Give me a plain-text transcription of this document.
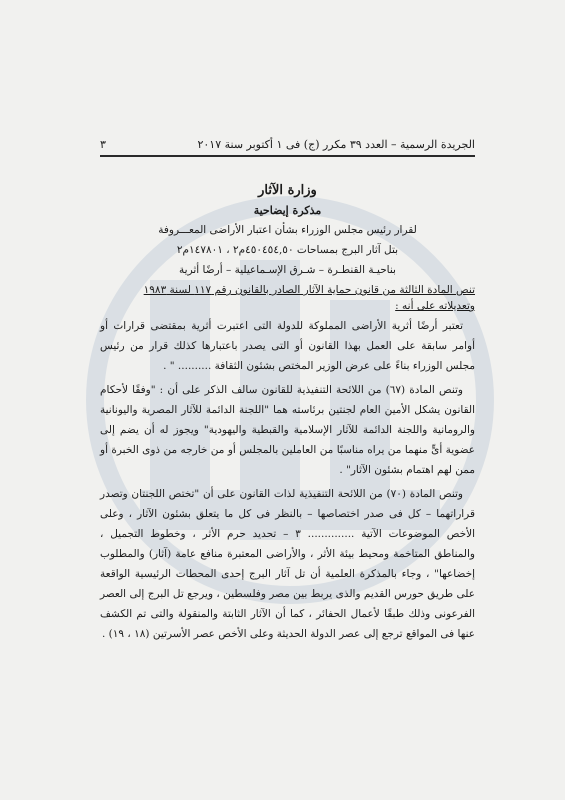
الجريدة الرسمية – العدد ٣٩ مكرر (ج) فى ١ أكتوبر سنة ٢٠١٧
٣
وزارة الآثار
مذكرة إيضاحية
لقرار رئيس مجلس الوزراء بشأن اعتبار الأراضى المعـــروفة
بتل آثار البرج بمساحات ٤٥٠٤٥٤,٥٠م٢ ، ١٤٧٨٠١م٢
بناحيـة القنطـرة – شـرق الإسـماعيلية – أرضًا أثرية
تنص المادة الثالثة من قانون حماية الآثار الصادر بالقانون رقم ١١٧ لسنة ١٩٨٣
وتعديلاته على أنه :

تعتبر أرضًا أثرية الأراضى المملوكة للدولة التى اعتبرت أثرية بمقتضى قرارات أو أوامر سابقة على العمل بهذا القانون أو التى يصدر باعتبارها كذلك قرار من رئيس مجلس الوزراء بناءً على عرض الوزير المختص بشئون الثقافة .......... " .

وتنص المادة (٦٧) من اللائحة التنفيذية للقانون سالف الذكر على أن : "وفقًا لأحكام القانون يشكل الأمين العام لجنتين برئاسته هما "اللجنة الدائمة للآثار المصرية واليونانية والرومانية واللجنة الدائمة للآثار الإسلامية والقبطية واليهودية" ويجوز له أن يضم إلى عضوية أىٍّ منهما من يراه مناسبًا من العاملين بالمجلس أو من خارجه من ذوى الخبرة أو ممن لهم اهتمام بشئون الآثار" .

وتنص المادة (٧٠) من اللائحة التنفيذية لذات القانون على أن "تختص اللجنتان وتصدر قراراتهما – كل فى صدر اختصاصها – بالنظر فى كل ما يتعلق بشئون الآثار ، وعلى الأخص الموضوعات الآتية .............. ٣ – تحديد حرم الأثر ، وخطوط التجميل ، والمناطق المتاخمة ومحيط بيئة الأثر ، والأراضى المعتبرة منافع عامة (آثار) والمطلوب إخضاعها" ، وجاء بالمذكرة العلمية أن تل آثار البرج إحدى المحطات الرئيسية الواقعة على طريق حورس القديم والذى يربط بين مصر وفلسطين ، ويرجع تل البرج إلى العصر الفرعونى وذلك طبقًا لأعمال الحفائر ، كما أن الآثار الثابتة والمنقولة والتى تم الكشف عنها فى المواقع ترجع إلى عصر الدولة الحديثة وعلى الأخص عصر الأسرتين (١٨ ، ١٩) .
